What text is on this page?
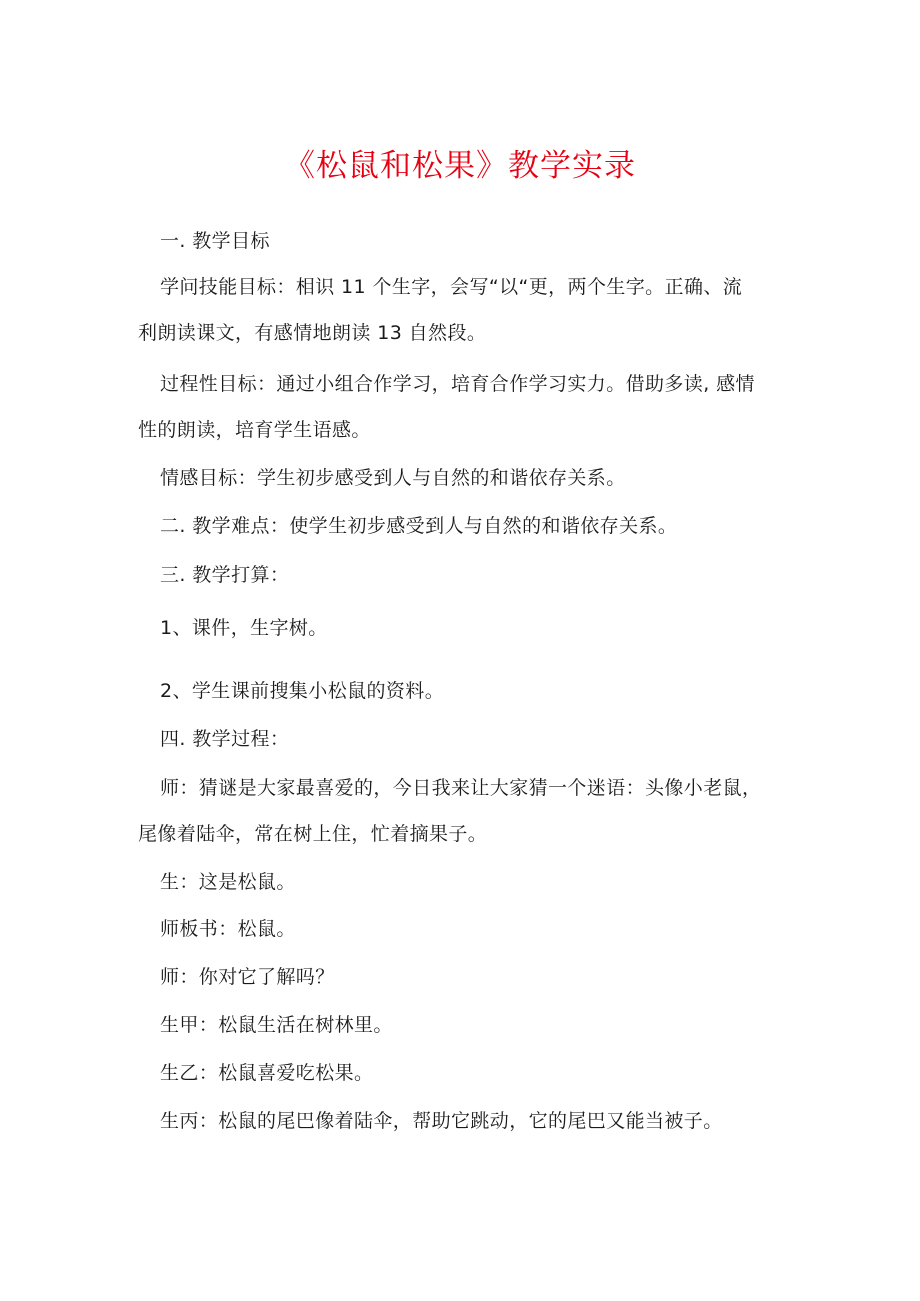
《松鼠和松果》教学实录
一. 教学目标
学问技能目标：相识 11 个生字，会写“以“更，两个生字。正确、流
利朗读课文，有感情地朗读 13 自然段。
过程性目标：通过小组合作学习，培育合作学习实力。借助多读, 感情
性的朗读，培育学生语感。
情感目标：学生初步感受到人与自然的和谐依存关系。
二. 教学难点：使学生初步感受到人与自然的和谐依存关系。
三. 教学打算：
1、课件，生字树。
2、学生课前搜集小松鼠的资料。
四. 教学过程：
师：猜谜是大家最喜爱的，今日我来让大家猜一个迷语：头像小老鼠，
尾像着陆伞，常在树上住，忙着摘果子。
生：这是松鼠。
师板书：松鼠。
师：你对它了解吗？
生甲：松鼠生活在树林里。
生乙：松鼠喜爱吃松果。
生丙：松鼠的尾巴像着陆伞，帮助它跳动，它的尾巴又能当被子。
